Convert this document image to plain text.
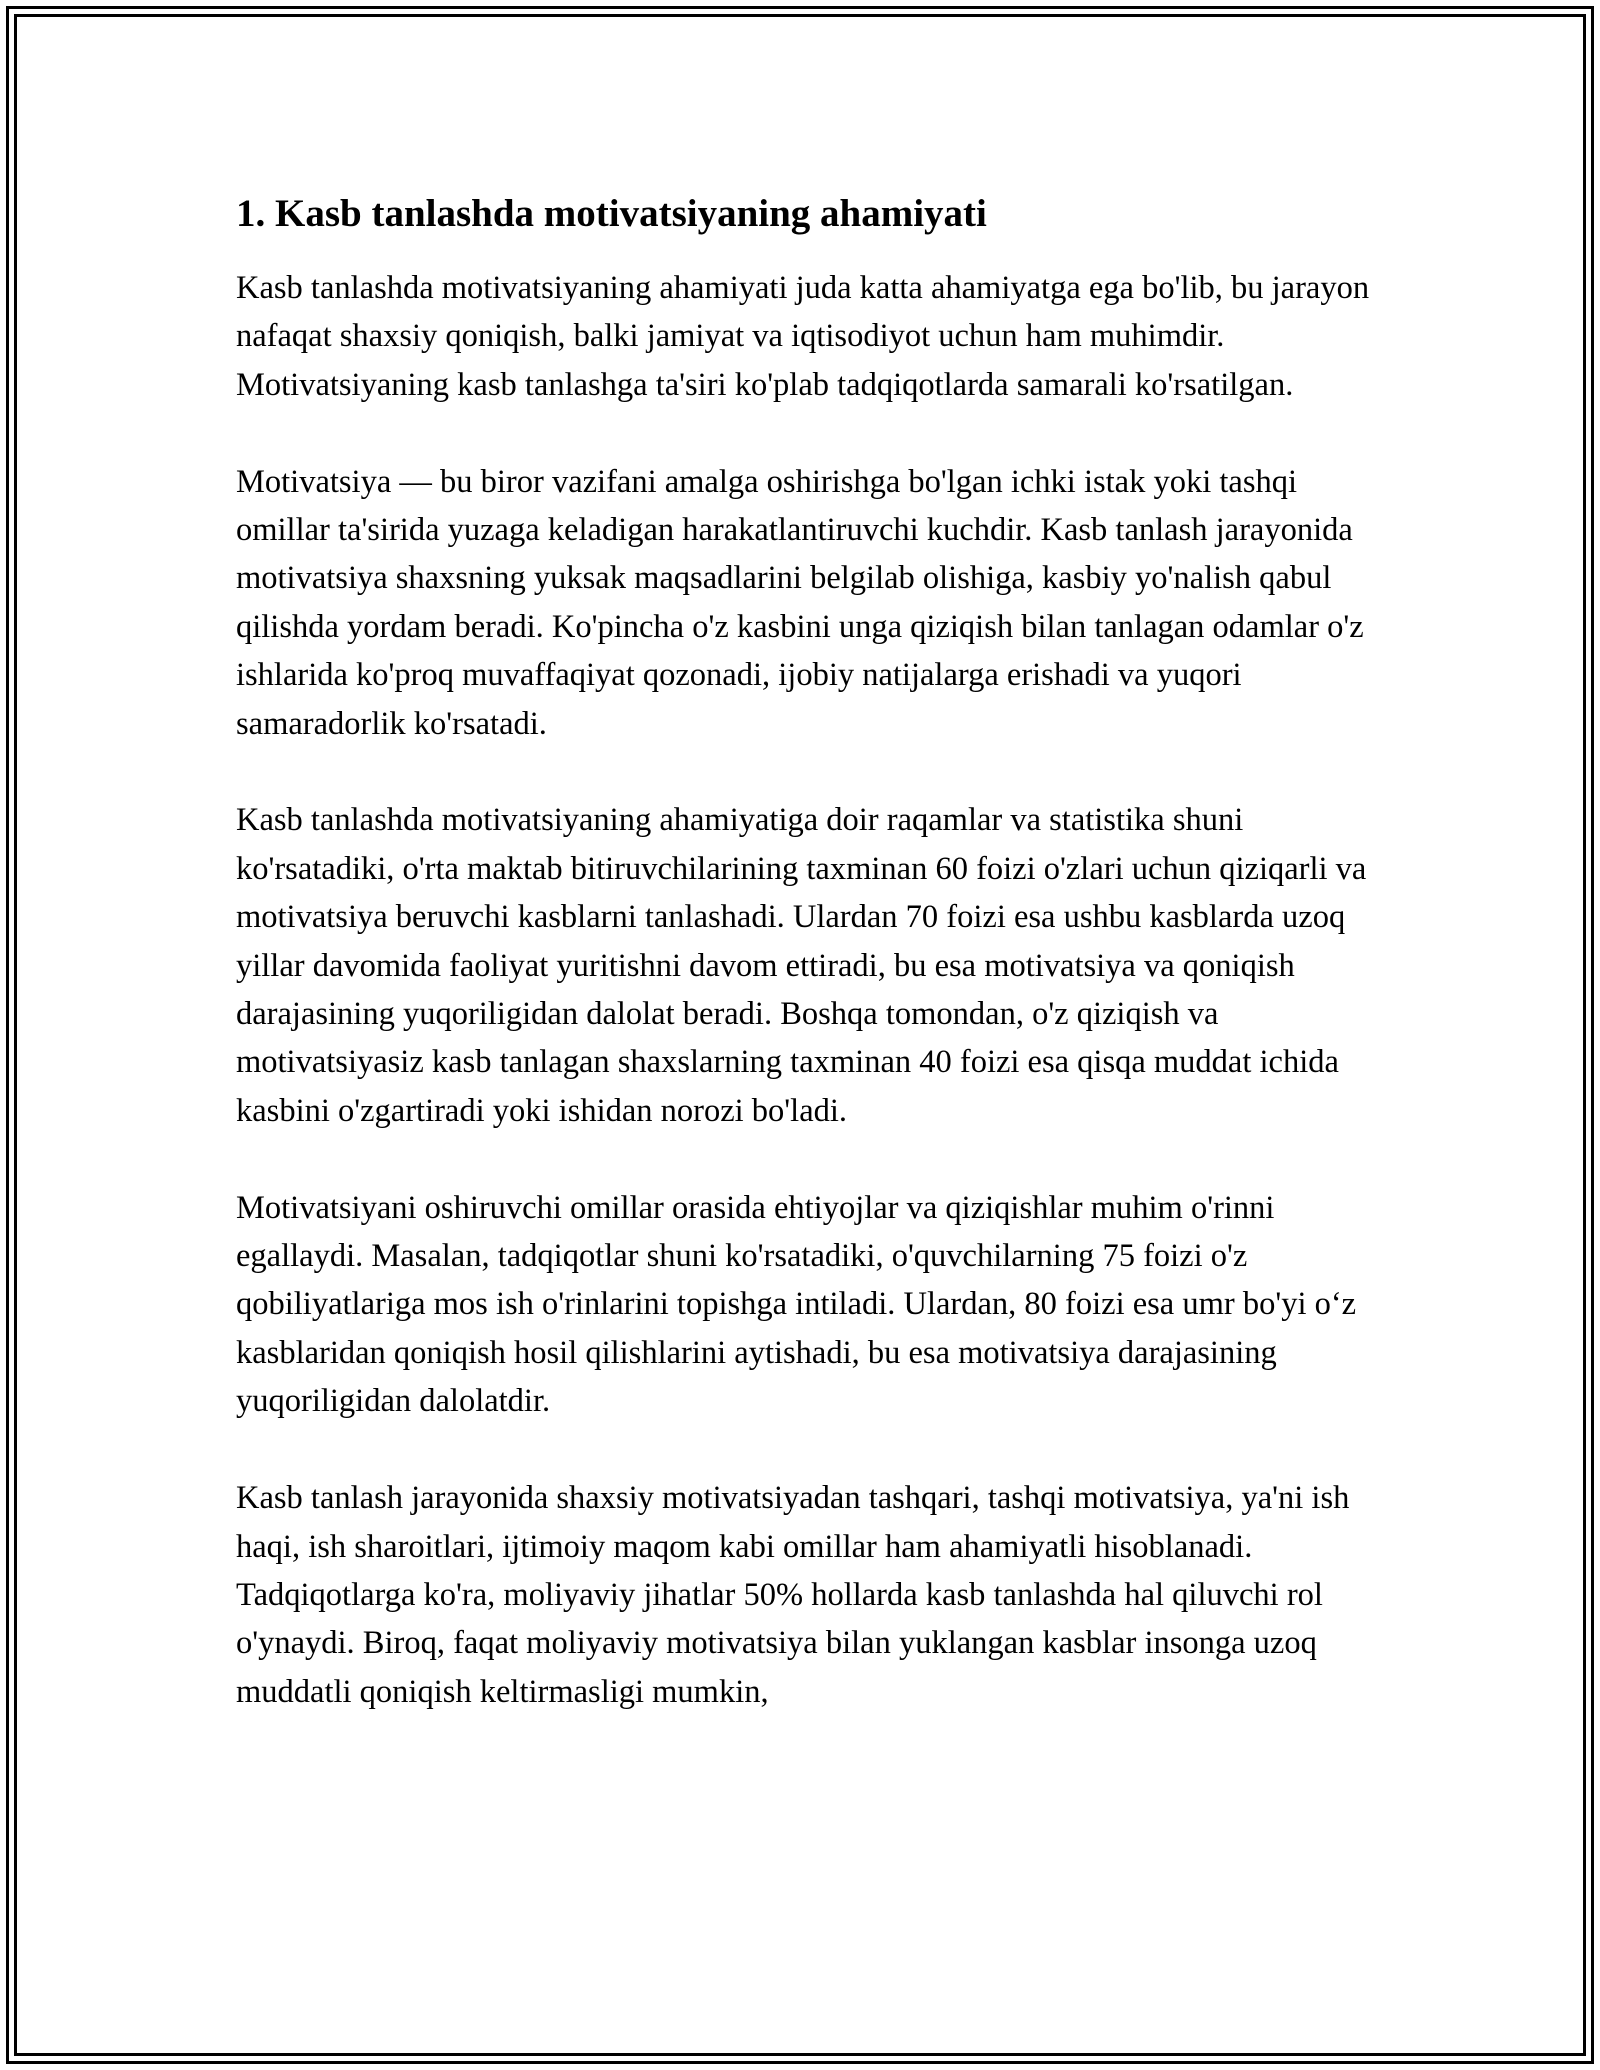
1. Kasb tanlashda motivatsiyaning ahamiyati

Kasb tanlashda motivatsiyaning ahamiyati juda katta ahamiyatga ega bo'lib, bu jarayon nafaqat shaxsiy qoniqish, balki jamiyat va iqtisodiyot uchun ham muhimdir. Motivatsiyaning kasb tanlashga ta'siri ko'plab tadqiqotlarda samarali ko'rsatilgan.

Motivatsiya — bu biror vazifani amalga oshirishga bo'lgan ichki istak yoki tashqi omillar ta'sirida yuzaga keladigan harakatlantiruvchi kuchdir. Kasb tanlash jarayonida motivatsiya shaxsning yuksak maqsadlarini belgilab olishiga, kasbiy yo'nalish qabul qilishda yordam beradi. Ko'pincha o'z kasbini unga qiziqish bilan tanlagan odamlar o'z ishlarida ko'proq muvaffaqiyat qozonadi, ijobiy natijalarga erishadi va yuqori samaradorlik ko'rsatadi.

Kasb tanlashda motivatsiyaning ahamiyatiga doir raqamlar va statistika shuni ko'rsatadiki, o'rta maktab bitiruvchilarining taxminan 60 foizi o'zlari uchun qiziqarli va motivatsiya beruvchi kasblarni tanlashadi. Ulardan 70 foizi esa ushbu kasblarda uzoq yillar davomida faoliyat yuritishni davom ettiradi, bu esa motivatsiya va qoniqish darajasining yuqoriligidan dalolat beradi. Boshqa tomondan, o'z qiziqish va motivatsiyasiz kasb tanlagan shaxslarning taxminan 40 foizi esa qisqa muddat ichida kasbini o'zgartiradi yoki ishidan norozi bo'ladi.

Motivatsiyani oshiruvchi omillar orasida ehtiyojlar va qiziqishlar muhim o'rinni egallaydi. Masalan, tadqiqotlar shuni ko'rsatadiki, o'quvchilarning 75 foizi o'z qobiliyatlariga mos ish o'rinlarini topishga intiladi. Ulardan, 80 foizi esa umr bo'yi o‘z kasblaridan qoniqish hosil qilishlarini aytishadi, bu esa motivatsiya darajasining yuqoriligidan dalolatdir.

Kasb tanlash jarayonida shaxsiy motivatsiyadan tashqari, tashqi motivatsiya, ya'ni ish haqi, ish sharoitlari, ijtimoiy maqom kabi omillar ham ahamiyatli hisoblanadi. Tadqiqotlarga ko'ra, moliyaviy jihatlar 50% hollarda kasb tanlashda hal qiluvchi rol o'ynaydi. Biroq, faqat moliyaviy motivatsiya bilan yuklangan kasblar insonga uzoq muddatli qoniqish keltirmasligi mumkin,
